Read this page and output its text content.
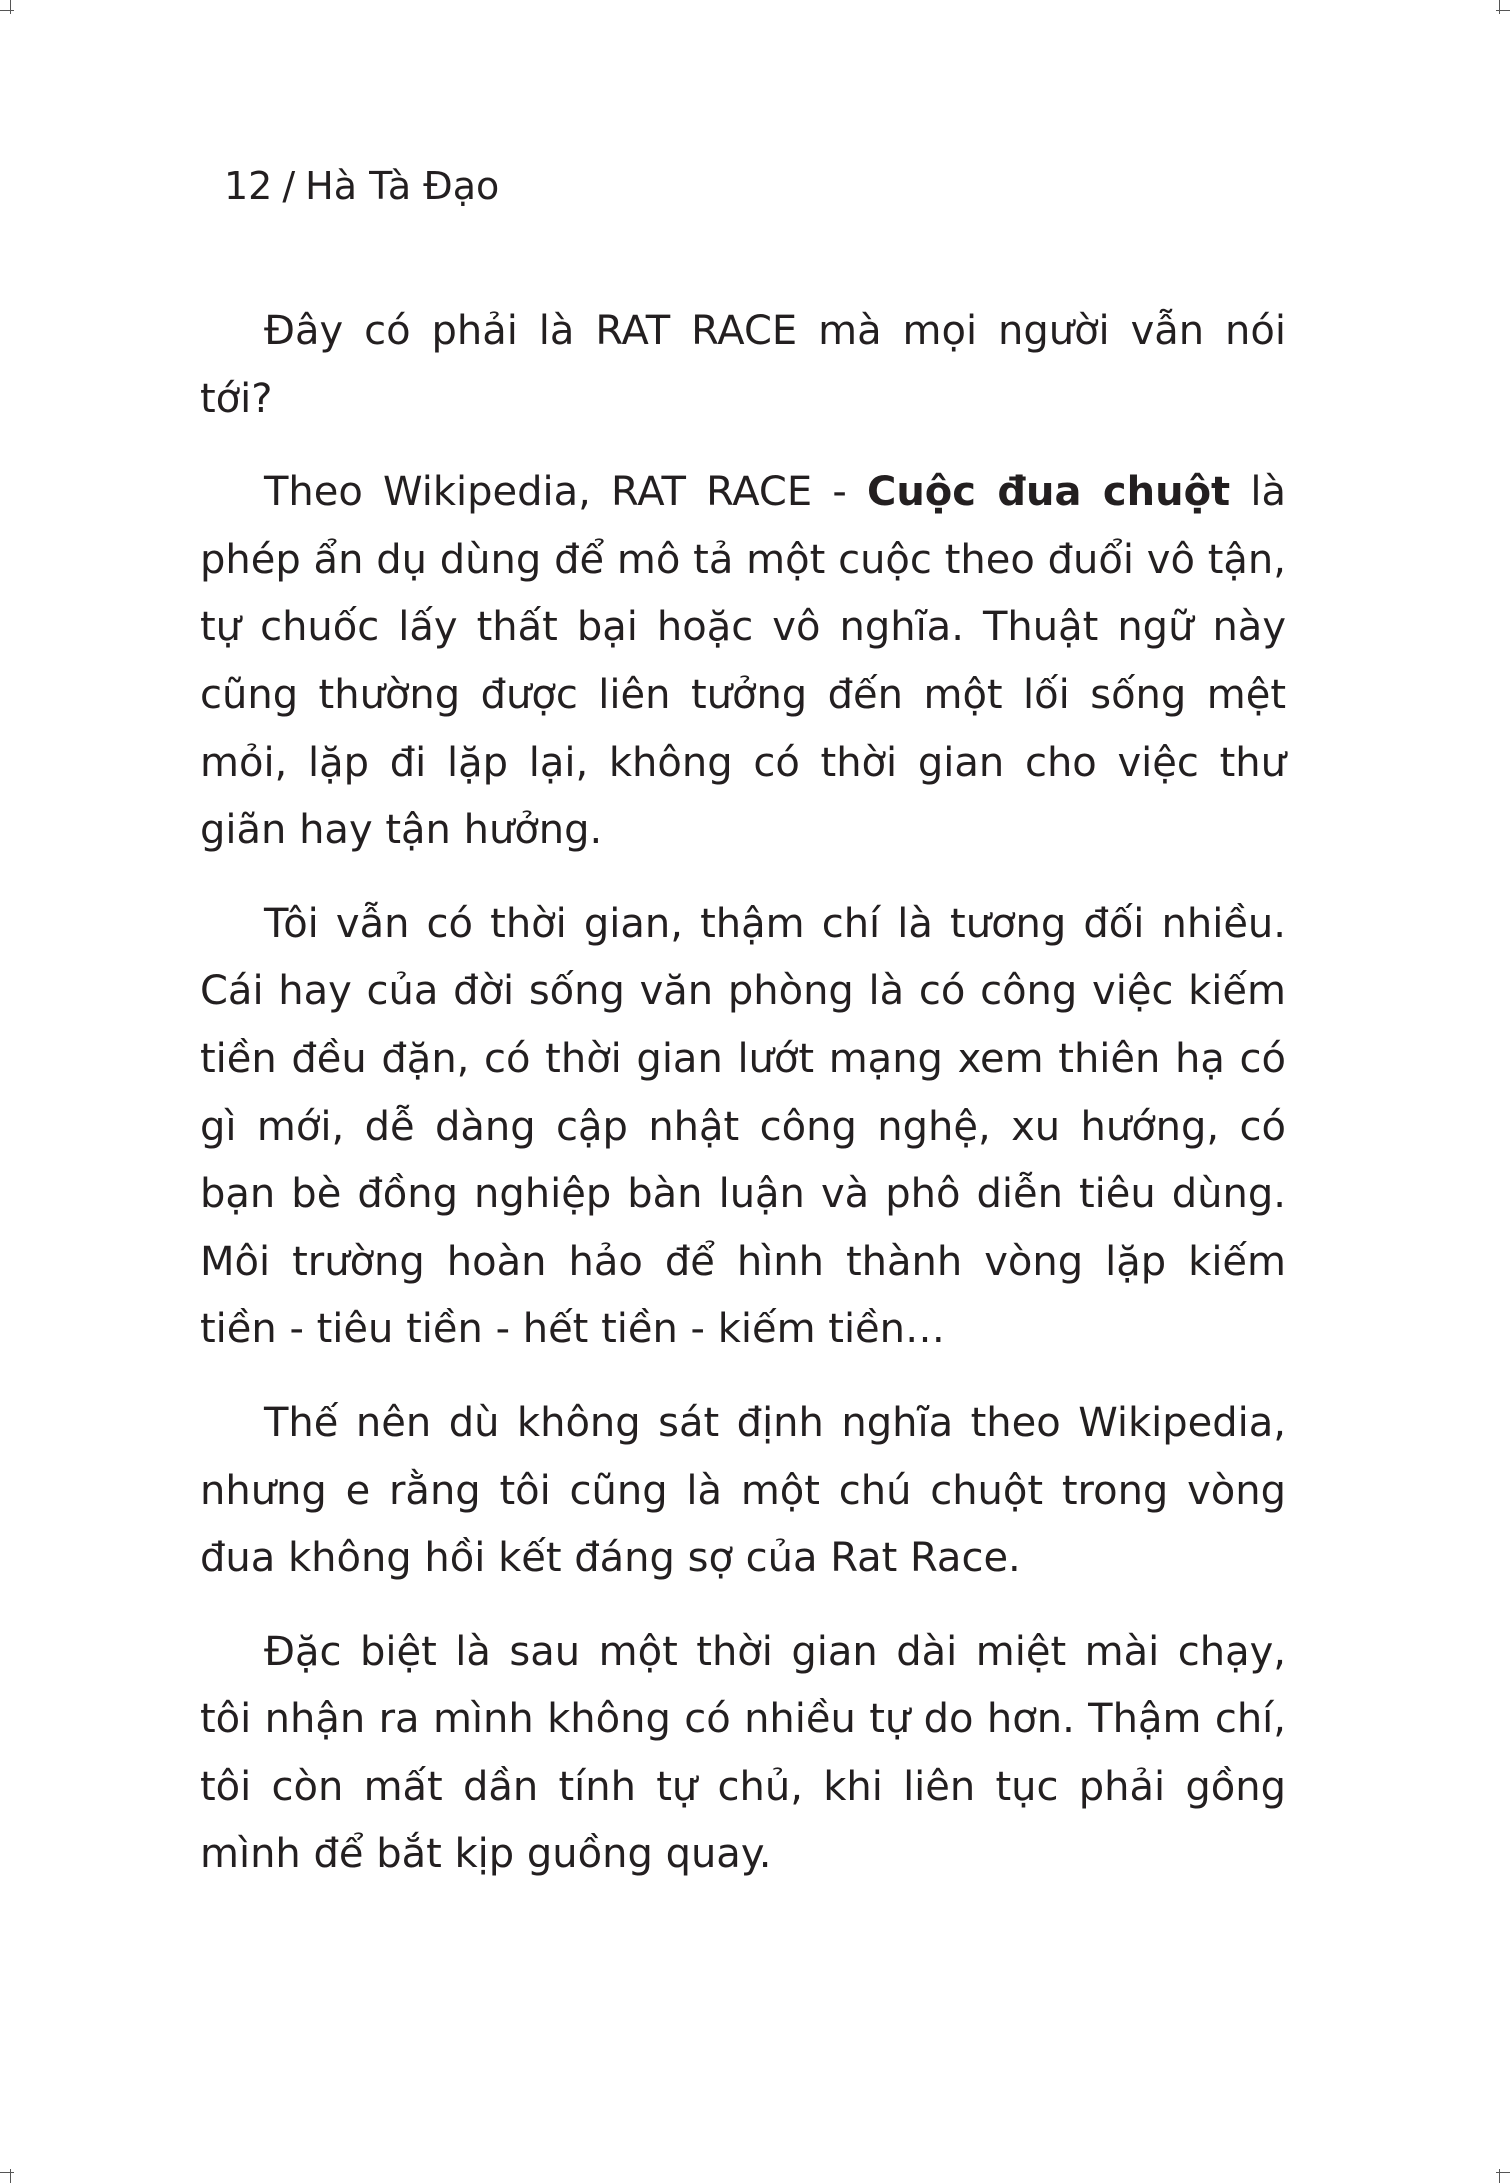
12 / Hà Tà Đạo

Đây có phải là RAT RACE mà mọi người vẫn nói tới?

Theo Wikipedia, RAT RACE - Cuộc đua chuột là phép ẩn dụ dùng để mô tả một cuộc theo đuổi vô tận, tự chuốc lấy thất bại hoặc vô nghĩa. Thuật ngữ này cũng thường được liên tưởng đến một lối sống mệt mỏi, lặp đi lặp lại, không có thời gian cho việc thư giãn hay tận hưởng.

Tôi vẫn có thời gian, thậm chí là tương đối nhiều. Cái hay của đời sống văn phòng là có công việc kiếm tiền đều đặn, có thời gian lướt mạng xem thiên hạ có gì mới, dễ dàng cập nhật công nghệ, xu hướng, có bạn bè đồng nghiệp bàn luận và phô diễn tiêu dùng. Môi trường hoàn hảo để hình thành vòng lặp kiếm tiền - tiêu tiền - hết tiền - kiếm tiền…

Thế nên dù không sát định nghĩa theo Wikipedia, nhưng e rằng tôi cũng là một chú chuột trong vòng đua không hồi kết đáng sợ của Rat Race.

Đặc biệt là sau một thời gian dài miệt mài chạy, tôi nhận ra mình không có nhiều tự do hơn. Thậm chí, tôi còn mất dần tính tự chủ, khi liên tục phải gồng mình để bắt kịp guồng quay.
